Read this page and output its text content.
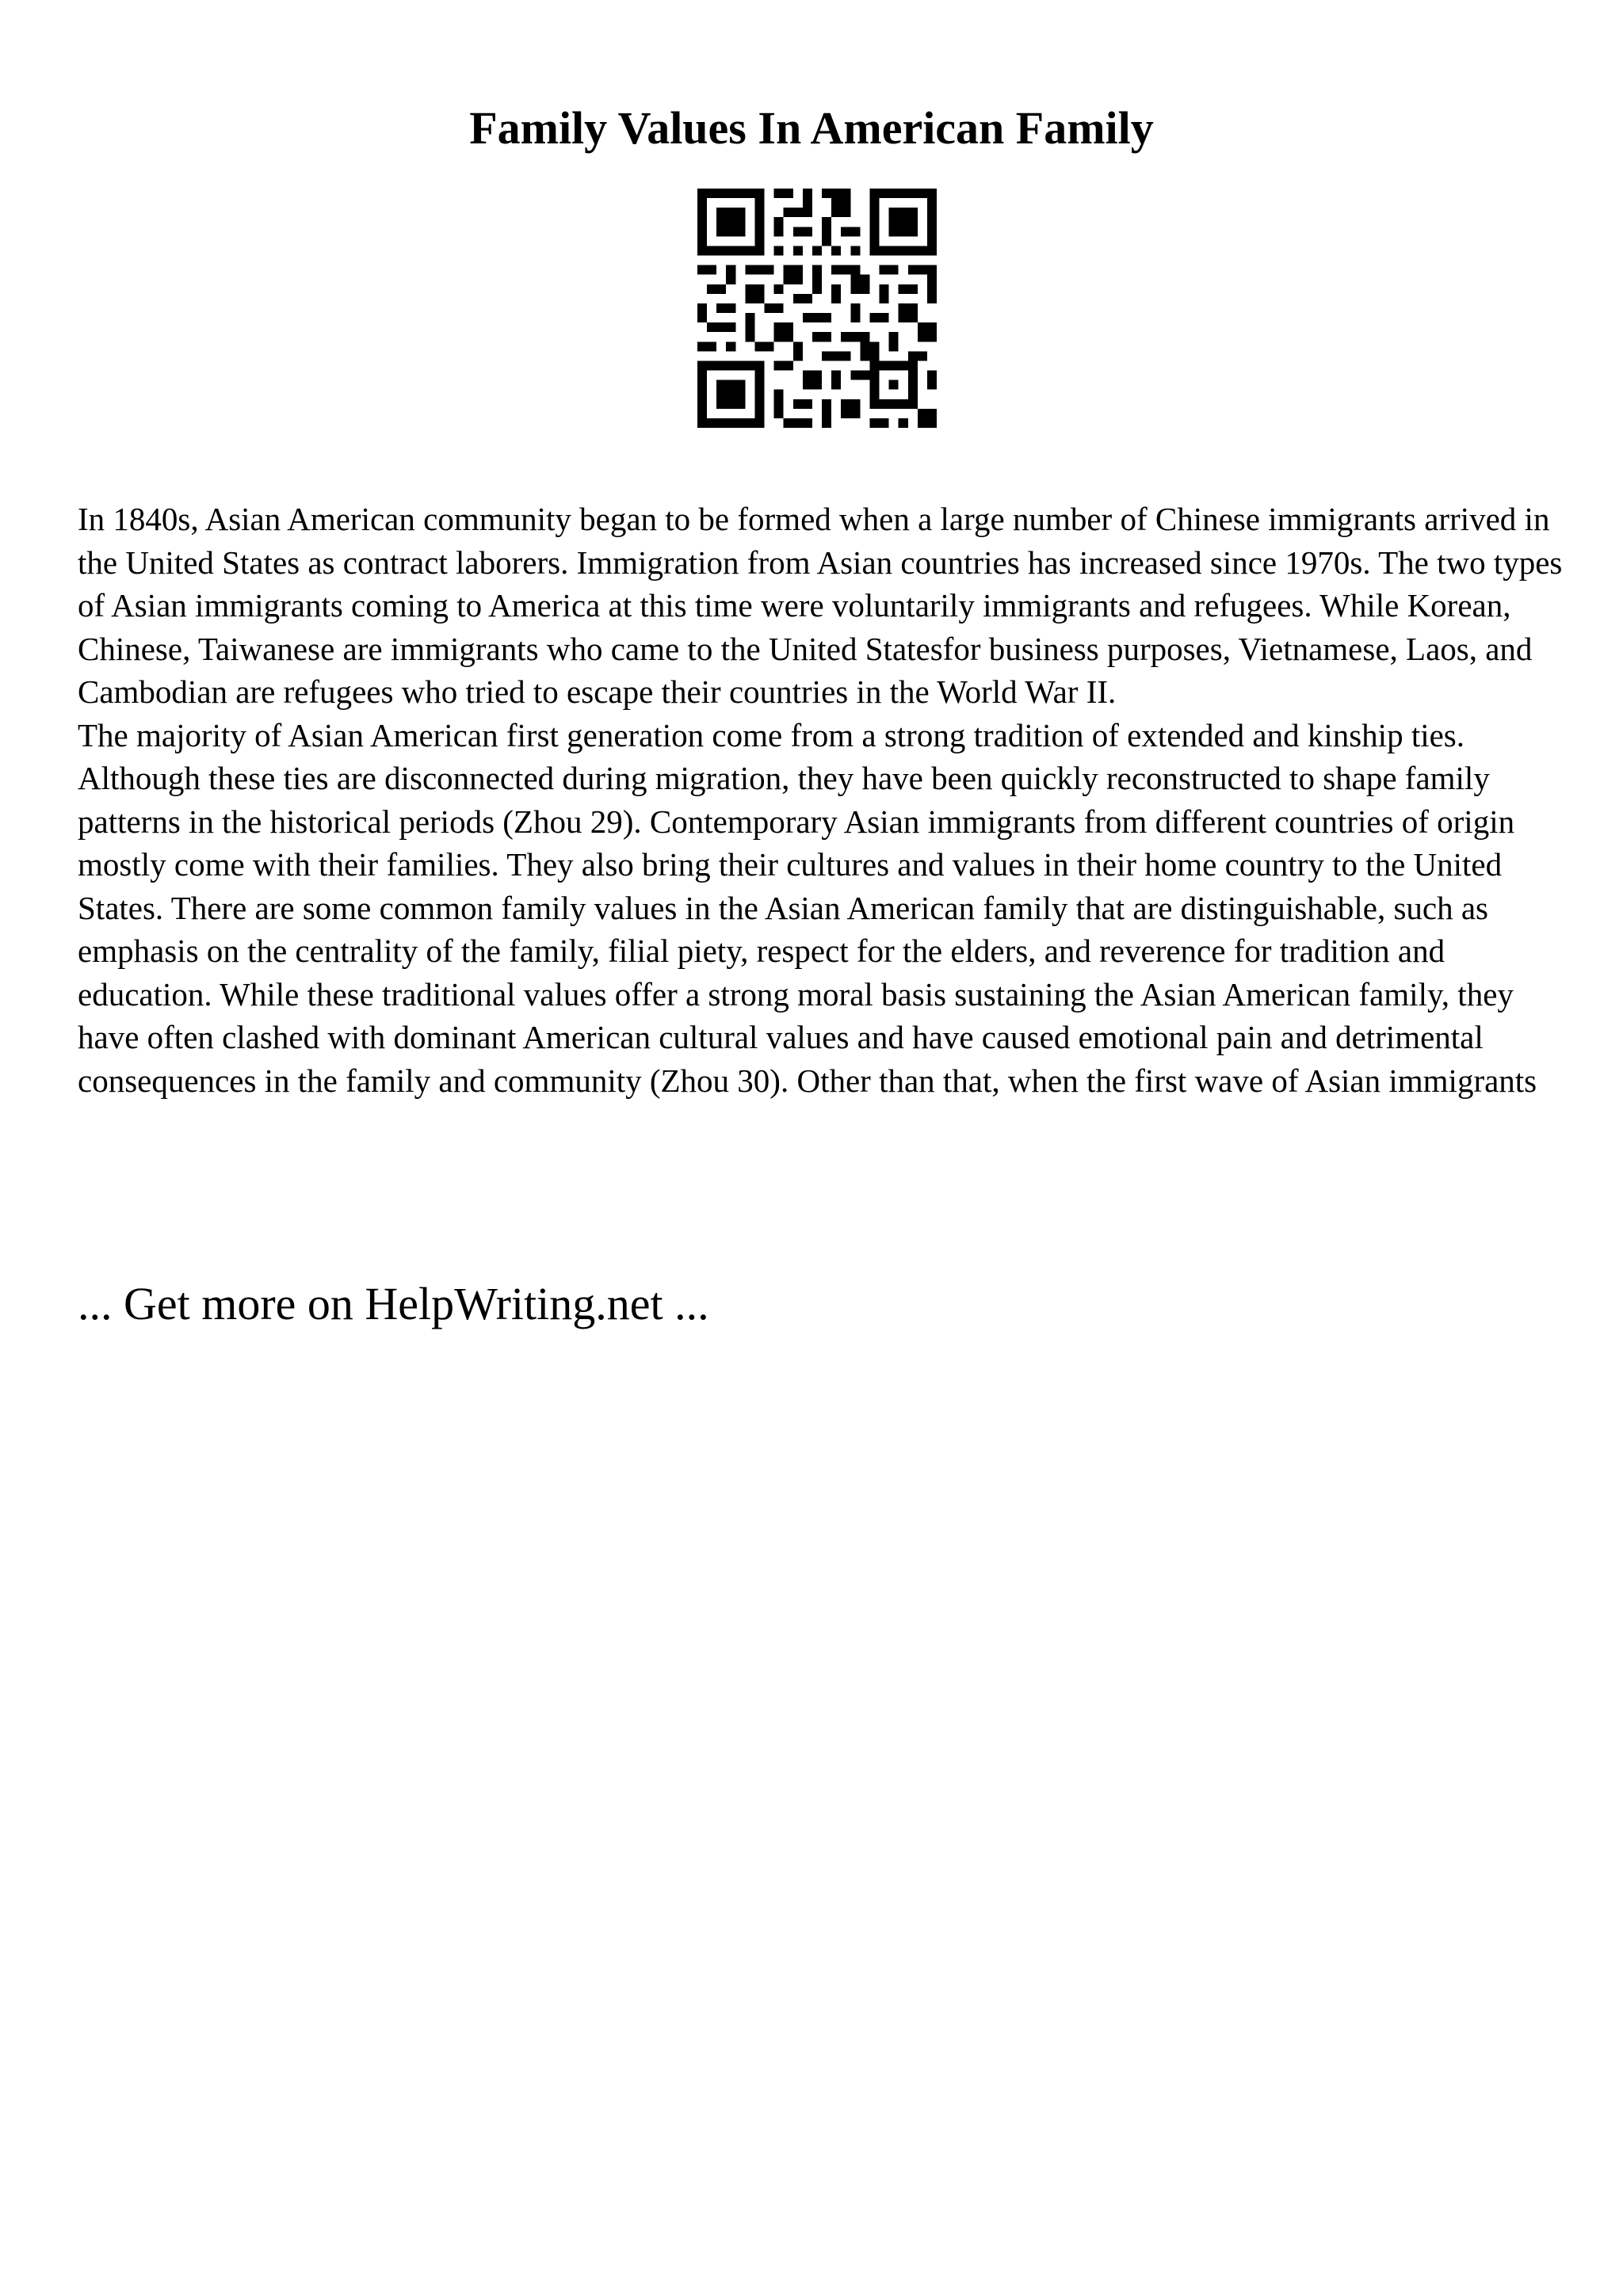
Family Values In American Family

In 1840s, Asian American community began to be formed when a large number of Chinese immigrants arrived in the United States as contract laborers. Immigration from Asian countries has increased since 1970s. The two types of Asian immigrants coming to America at this time were voluntarily immigrants and refugees. While Korean, Chinese, Taiwanese are immigrants who came to the United Statesfor business purposes, Vietnamese, Laos, and Cambodian are refugees who tried to escape their countries in the World War II.

The majority of Asian American first generation come from a strong tradition of extended and kinship ties. Although these ties are disconnected during migration, they have been quickly reconstructed to shape family patterns in the historical periods (Zhou 29). Contemporary Asian immigrants from different countries of origin mostly come with their families. They also bring their cultures and values in their home country to the United States. There are some common family values in the Asian American family that are distinguishable, such as emphasis on the centrality of the family, filial piety, respect for the elders, and reverence for tradition and education. While these traditional values offer a strong moral basis sustaining the Asian American family, they have often clashed with dominant American cultural values and have caused emotional pain and detrimental consequences in the family and community (Zhou 30). Other than that, when the first wave of Asian immigrants

... Get more on HelpWriting.net ...
